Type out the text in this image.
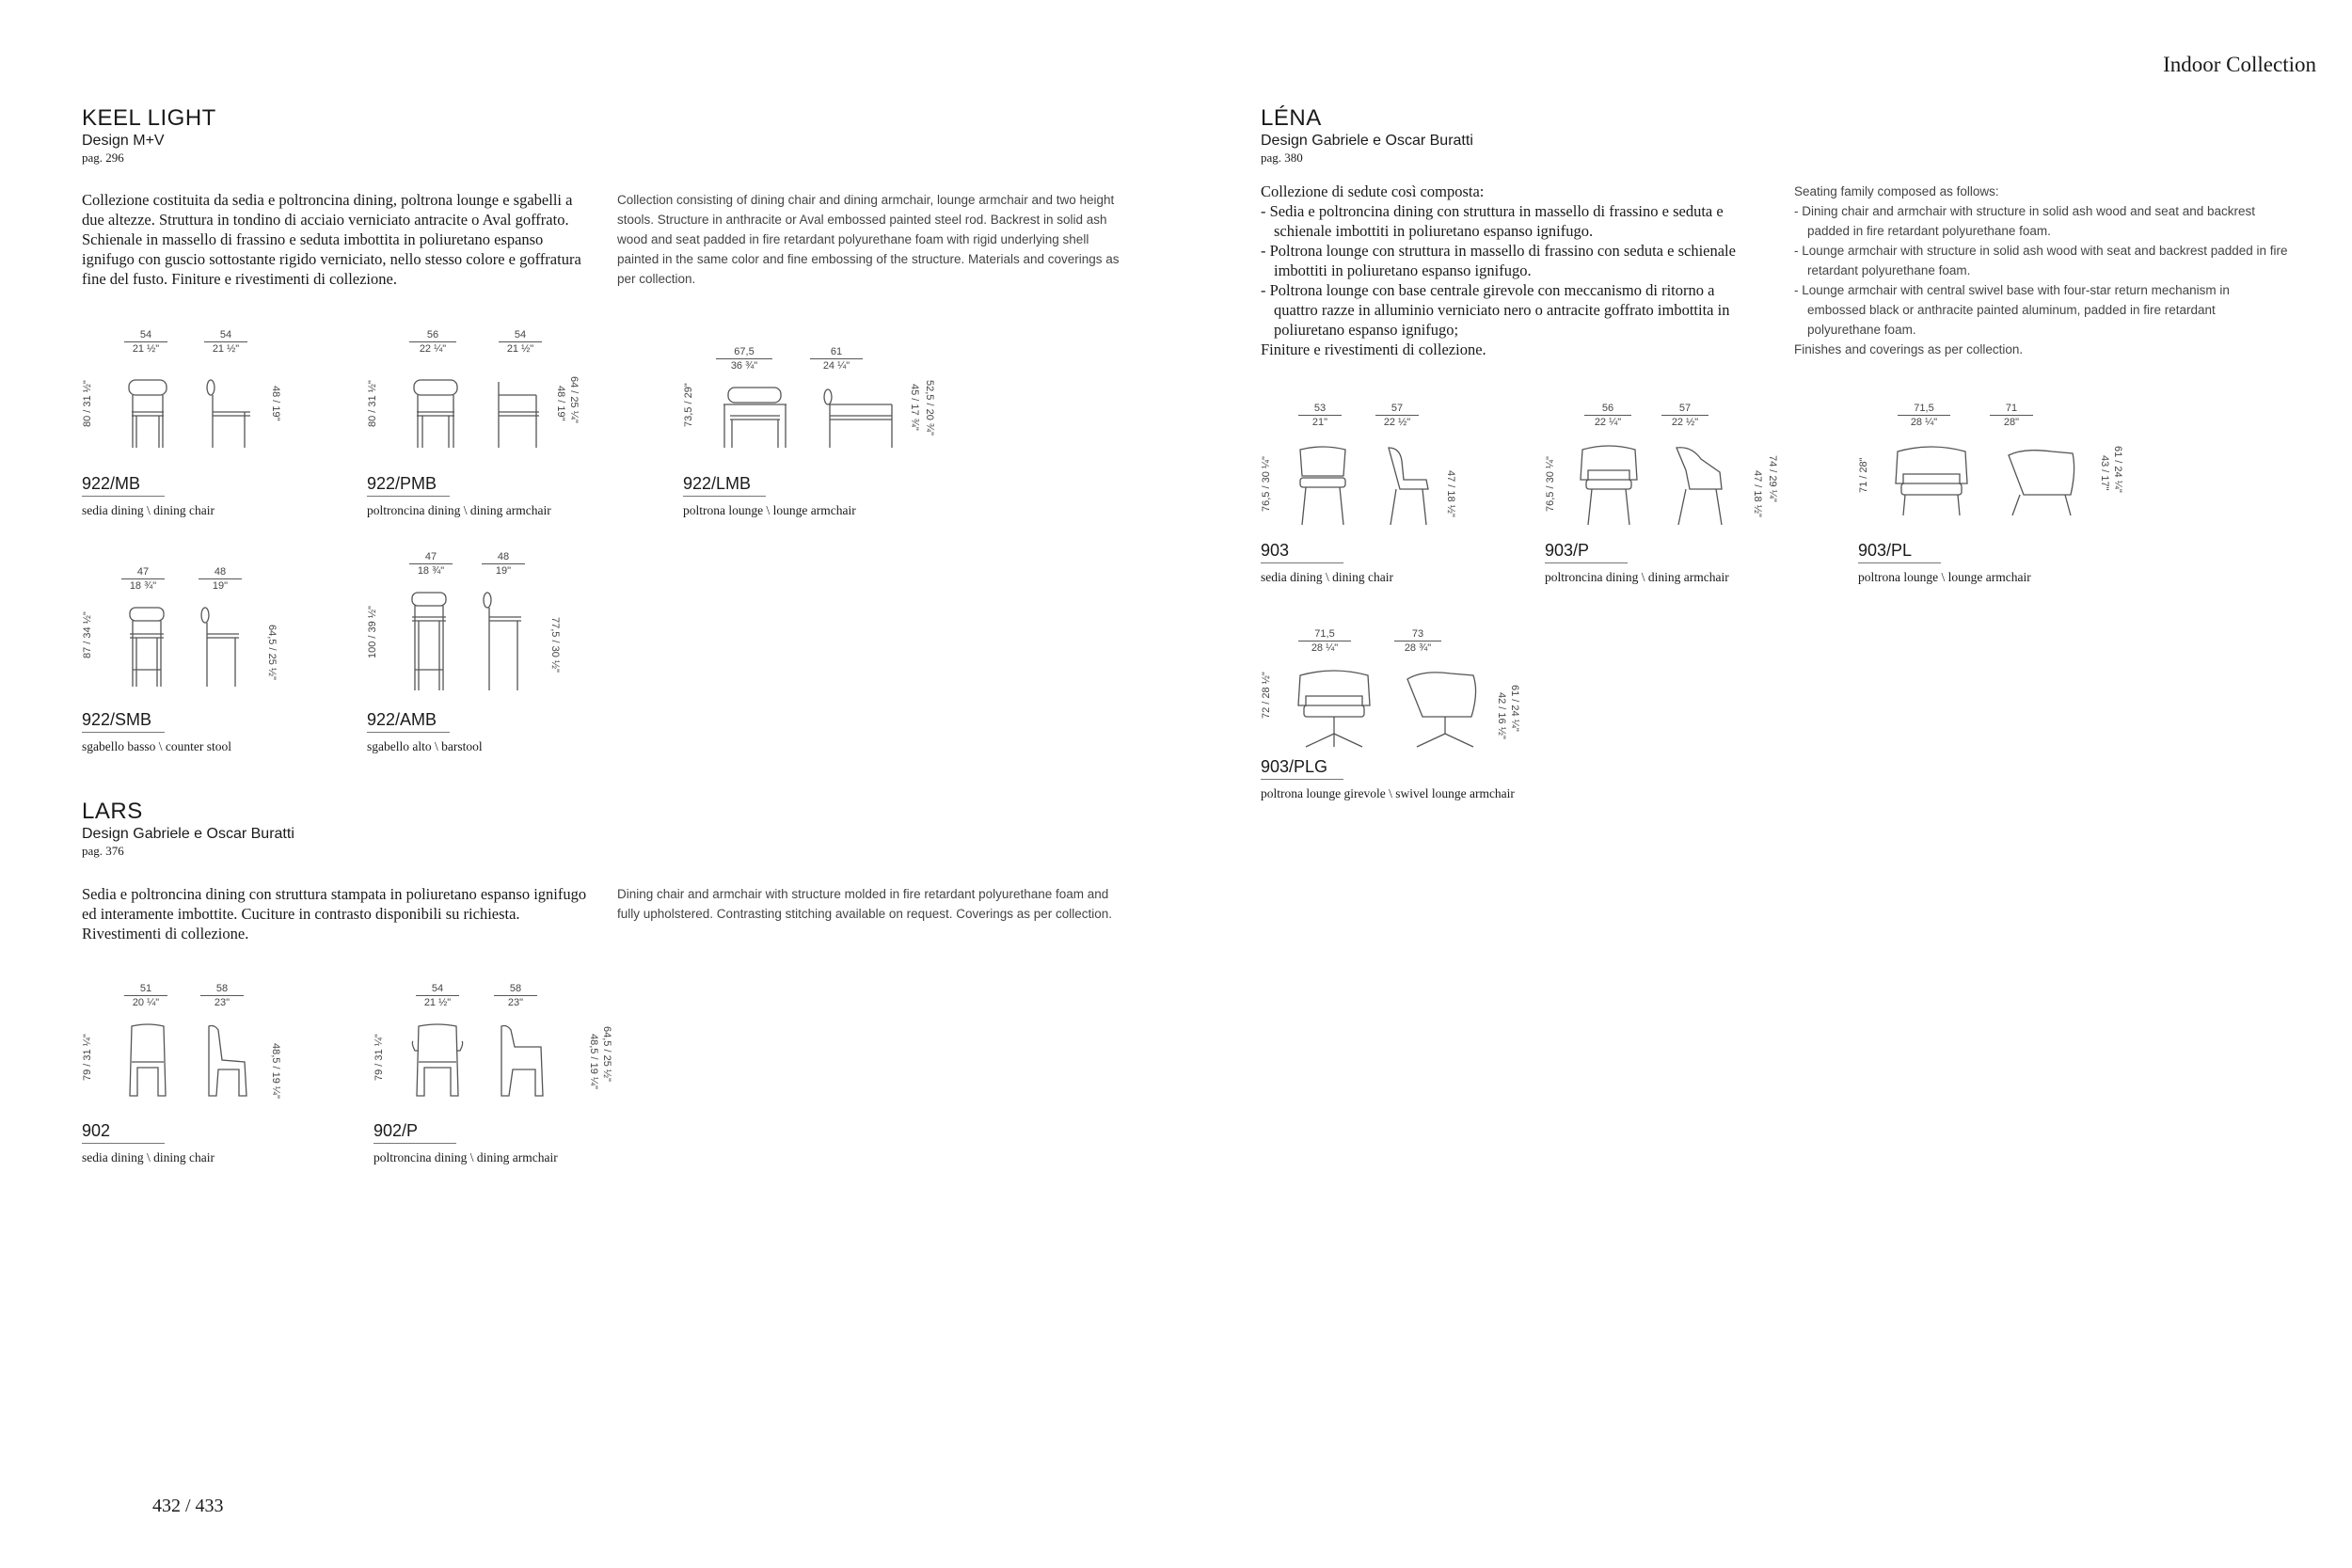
Indoor Collection
432 / 433
KEEL LIGHT
Design M+V
pag. 296

Collezione costituita da sedia e poltroncina dining, poltrona lounge e sgabelli a due altezze. Struttura in tondino di acciaio verniciato antracite o Aval goffrato. Schienale in massello di frassino e seduta imbottita in poliuretano espanso ignifugo con guscio sottostante rigido verniciato, nello stesso colore e goffratura fine del fusto. Finiture e rivestimenti di collezione.

Collection consisting of dining chair and dining armchair, lounge armchair and two height stools. Structure in anthracite or Aval embossed painted steel rod. Backrest in solid ash wood and seat padded in fire retardant polyurethane foam with rigid underlying shell painted in the same color and fine embossing of the structure. Materials and coverings as per collection.

54
21 ½"
54
21 ½"
80 / 31 ½"	48 / 19"
922/MB
sedia dining \ dining chair
56
22 ¼"
54
21 ½"
80 / 31 ½"	64 / 25 ¼"
48 / 19"
922/PMB
poltroncina dining \ dining armchair
67,5
36 ¾"
61
24 ¼"
73,5 / 29"	52,5 / 20 ¾"
45 / 17 ¾"
922/LMB
poltrona lounge \ lounge armchair
47
18 ¾"
48
19"
87 / 34 ½"	64,5 / 25 ½"
922/SMB
sgabello basso \ counter stool
47
18 ¾"
48
19"
100 / 39 ½"	77,5 / 30 ½"
922/AMB
sgabello alto \ barstool
LARS
Design Gabriele e Oscar Buratti
pag. 376

Sedia e poltroncina dining con struttura stampata in poliuretano espanso ignifugo ed interamente imbottite. Cuciture in contrasto disponibili su richiesta. Rivestimenti di collezione.

Dining chair and armchair with structure molded in fire retardant polyurethane foam and fully upholstered. Contrasting stitching available on request. Coverings as per collection.

51
20 ¼"
58
23"
79 / 31 ¼"	48,5 / 19 ¼"
902
sedia dining \ dining chair
54
21 ½"
58
23"
79 / 31 ¼"	64,5 / 25 ½"
48,5 / 19 ¼"
902/P
poltroncina dining \ dining armchair
LÉNA
Design Gabriele e Oscar Buratti
pag. 380

Collezione di sedute così composta:

- Sedia e poltroncina dining con struttura in massello di frassino e seduta e schienale imbottiti in poliuretano espanso ignifugo.
- Poltrona lounge con struttura in massello di frassino con seduta e schienale imbottiti in poliuretano espanso ignifugo.
- Poltrona lounge con base centrale girevole con meccanismo di ritorno a quattro razze in alluminio verniciato nero o antracite goffrato imbottita in poliuretano espanso ignifugo;

Finiture e rivestimenti di collezione.

Seating family composed as follows:

- Dining chair and armchair with structure in solid ash wood and seat and backrest padded in fire retardant polyurethane foam.
- Lounge armchair with structure in solid ash wood with seat and backrest padded in fire retardant polyurethane foam.
- Lounge armchair with central swivel base with four-star return mechanism in embossed black or anthracite painted aluminum, padded in fire retardant polyurethane foam.

Finishes and coverings as per collection.

53
21"
57
22 ½"
76,5 / 30 ¼"	47 / 18 ½"
903
sedia dining \ dining chair
56
22 ¼"
57
22 ½"
76,5 / 30 ¼"	74 / 29 ¼"
47 / 18 ½"
903/P
poltroncina dining \ dining armchair
71,5
28 ¼"
71
28"
71 / 28"
61 / 24 ¼"
43 / 17"
903/PL
poltrona lounge \ lounge armchair
71,5
28 ¼"
73
28 ¾"
72 / 28 ½"	61 / 24 ¼"
42 / 16 ½"
903/PLG
poltrona lounge girevole \ swivel lounge armchair
